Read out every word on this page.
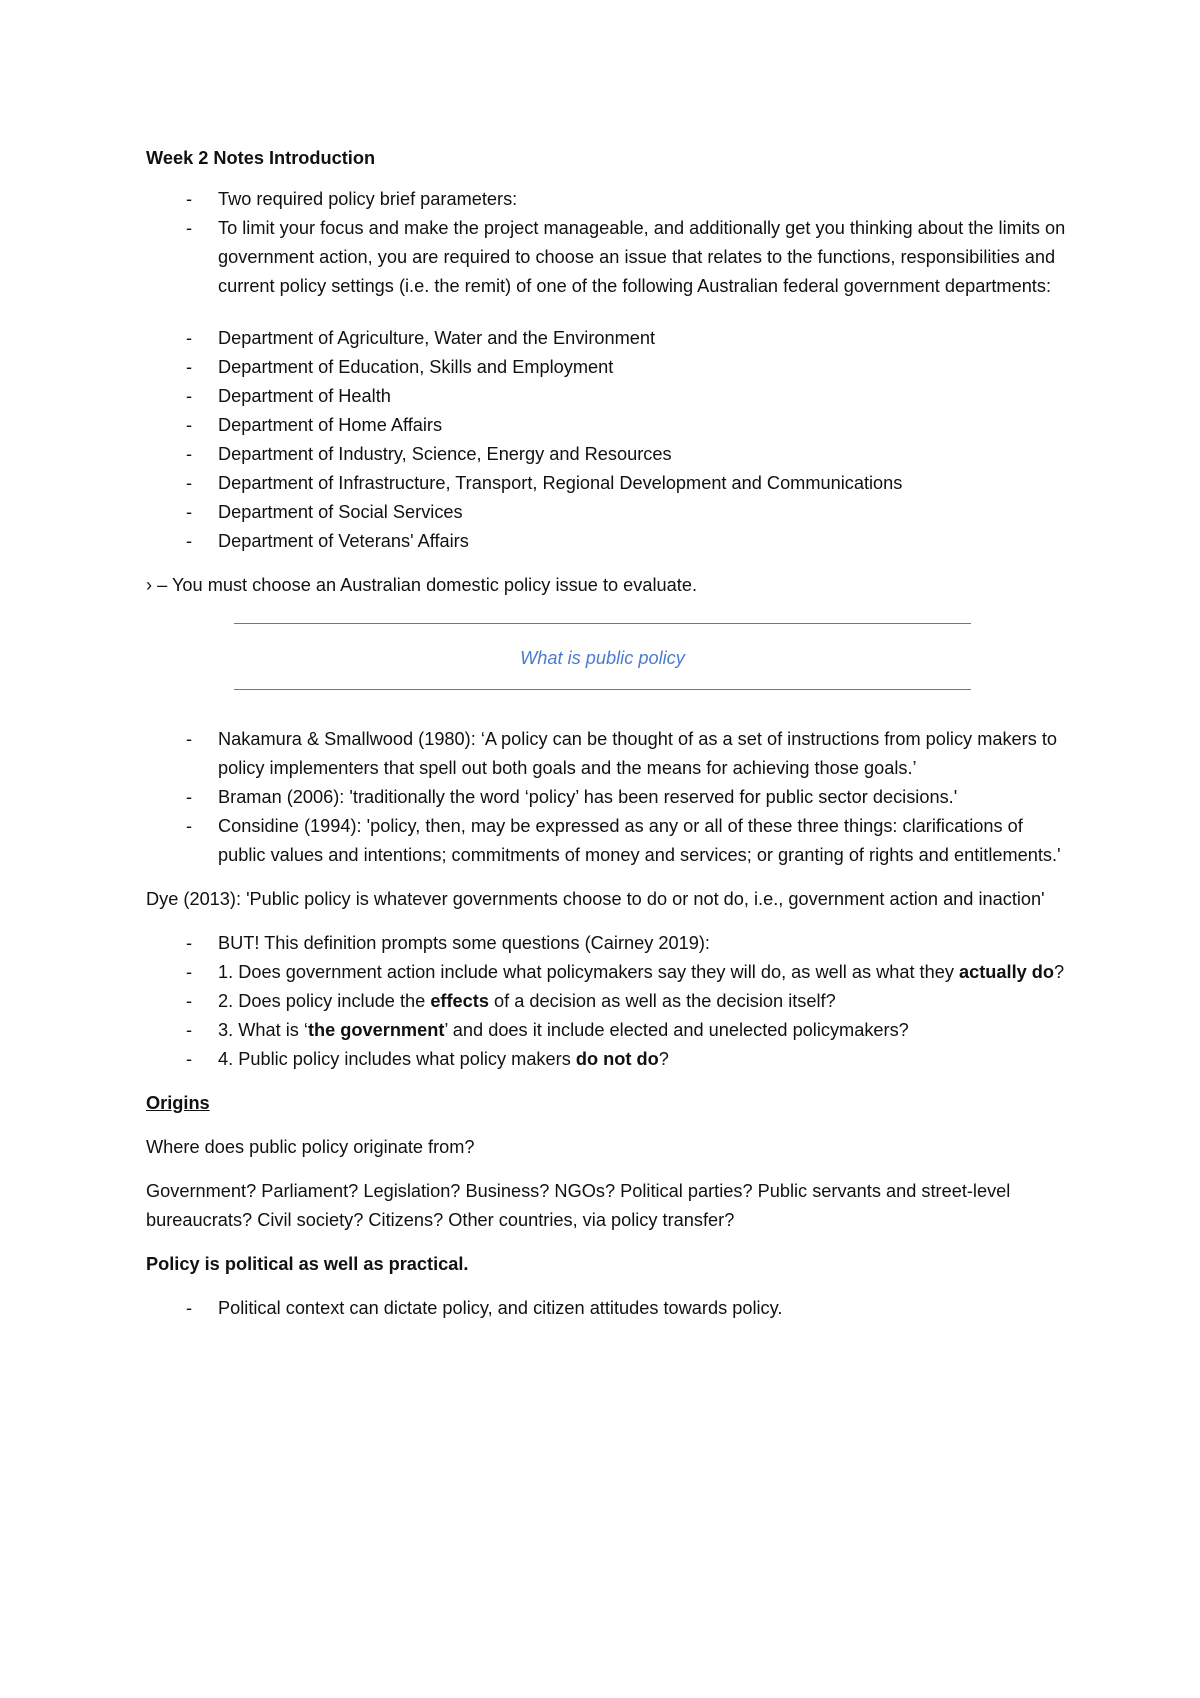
Week 2 Notes Introduction

- Two required policy brief parameters:
- To limit your focus and make the project manageable, and additionally get you thinking about the limits on government action, you are required to choose an issue that relates to the functions, responsibilities and current policy settings (i.e. the remit) of one of the following Australian federal government departments:
- Department of Agriculture, Water and the Environment
- Department of Education, Skills and Employment
- Department of Health
- Department of Home Affairs
- Department of Industry, Science, Energy and Resources
- Department of Infrastructure, Transport, Regional Development and Communications
- Department of Social Services
- Department of Veterans' Affairs

› – You must choose an Australian domestic policy issue to evaluate.

What is public policy
- Nakamura & Smallwood (1980): ‘A policy can be thought of as a set of instructions from policy makers to policy implementers that spell out both goals and the means for achieving those goals.’
- Braman (2006): 'traditionally the word ‘policy’ has been reserved for public sector decisions.'
- Considine (1994): 'policy, then, may be expressed as any or all of these three things: clarifications of public values and intentions; commitments of money and services; or granting of rights and entitlements.'

Dye (2013): 'Public policy is whatever governments choose to do or not do, i.e., government action and inaction'

- BUT! This definition prompts some questions (Cairney 2019):
- 1. Does government action include what policymakers say they will do, as well as what they actually do?
- 2. Does policy include the effects of a decision as well as the decision itself?
- 3. What is ‘the government’ and does it include elected and unelected policymakers?
- 4. Public policy includes what policy makers do not do?

Origins

Where does public policy originate from?

Government? Parliament? Legislation? Business? NGOs? Political parties? Public servants and street-level bureaucrats? Civil society? Citizens? Other countries, via policy transfer?

Policy is political as well as practical.

- Political context can dictate policy, and citizen attitudes towards policy.
